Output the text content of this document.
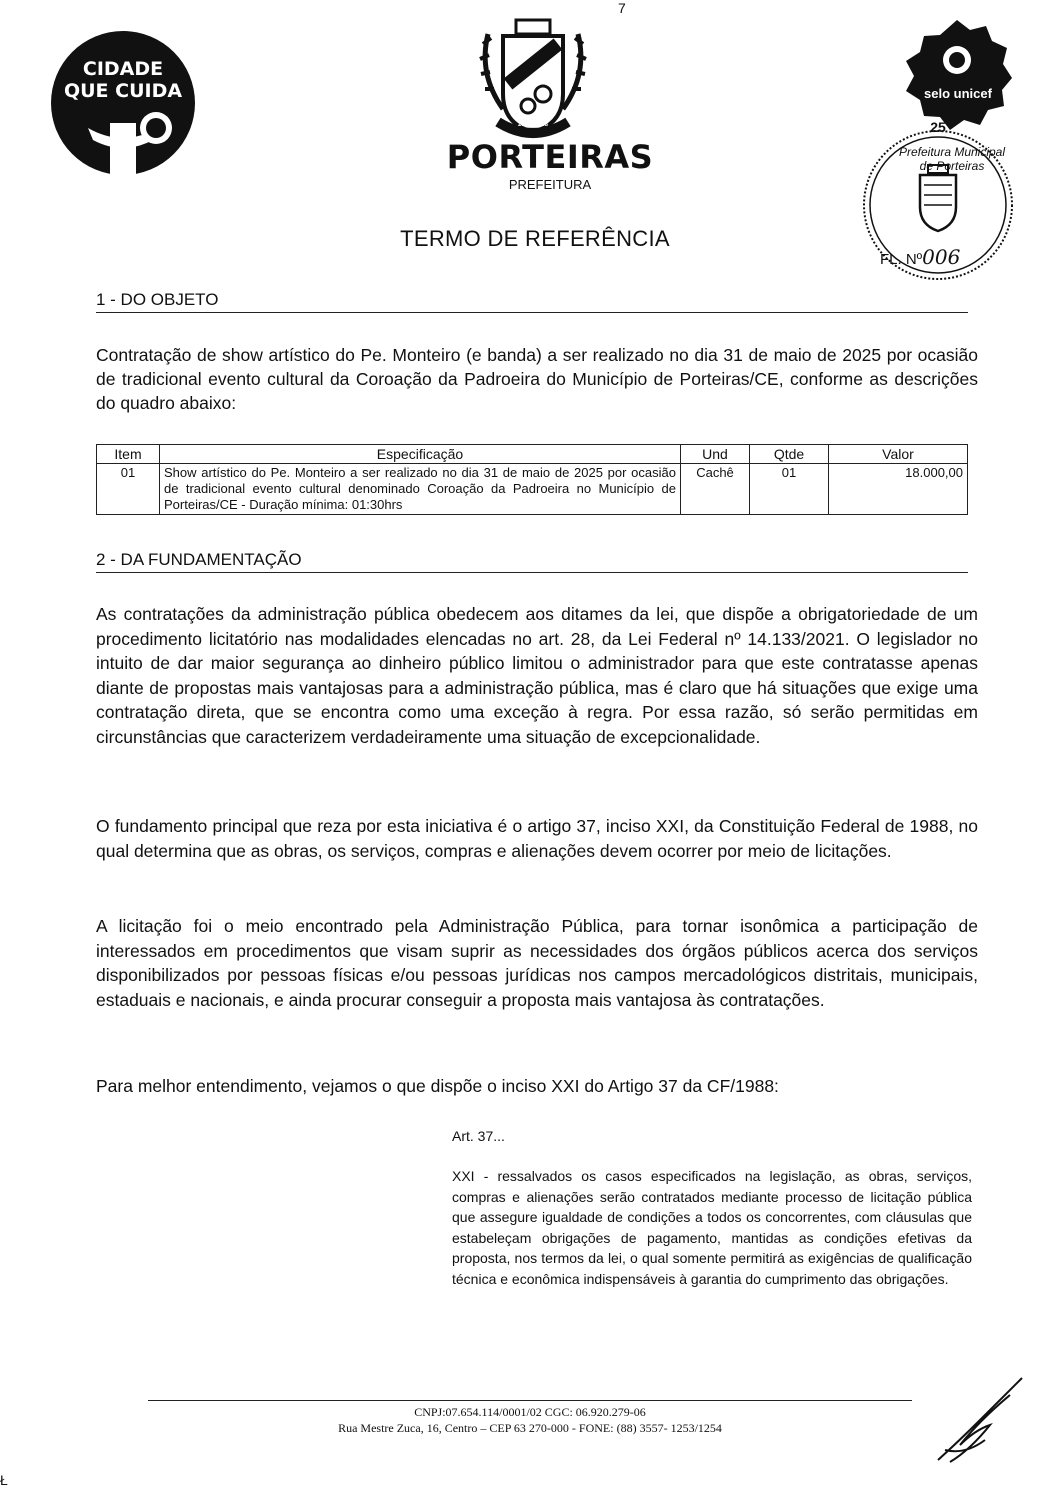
7
CIDADE
QUE CUIDA
25.03.1958
PORTEIRAS
PREFEITURA
selo unicef
Prefeitura Municipal de Porteiras
25
FL. Nº006
TERMO DE REFERÊNCIA
1 - DO OBJETO
Contratação de show artístico do Pe. Monteiro (e banda) a ser realizado no dia 31 de maio de 2025 por ocasião de tradicional evento cultural da Coroação da Padroeira do Município de Porteiras/CE, conforme as descrições do quadro abaixo:
Item	Especificação	Und	Qtde	Valor
01	Show artístico do Pe. Monteiro a ser realizado no dia 31 de maio de 2025 por ocasião de tradicional evento cultural denominado Coroação da Padroeira no Município de Porteiras/CE - Duração mínima: 01:30hrs	Cachê	01	18.000,00
2 - DA FUNDAMENTAÇÃO
As contratações da administração pública obedecem aos ditames da lei, que dispõe a obrigatoriedade de um procedimento licitatório nas modalidades elencadas no art. 28, da Lei Federal nº 14.133/2021. O legislador no intuito de dar maior segurança ao dinheiro público limitou o administrador para que este contratasse apenas diante de propostas mais vantajosas para a administração pública, mas é claro que há situações que exige uma contratação direta, que se encontra como uma exceção à regra. Por essa razão, só serão permitidas em circunstâncias que caracterizem verdadeiramente uma situação de excepcionalidade.
O fundamento principal que reza por esta iniciativa é o artigo 37, inciso XXI, da Constituição Federal de 1988, no qual determina que as obras, os serviços, compras e alienações devem ocorrer por meio de licitações.
A licitação foi o meio encontrado pela Administração Pública, para tornar isonômica a participação de interessados em procedimentos que visam suprir as necessidades dos órgãos públicos acerca dos serviços disponibilizados por pessoas físicas e/ou pessoas jurídicas nos campos mercadológicos distritais, municipais, estaduais e nacionais, e ainda procurar conseguir a proposta mais vantajosa às contratações.
Para melhor entendimento, vejamos o que dispõe o inciso XXI do Artigo 37 da CF/1988:
Art. 37...
XXI - ressalvados os casos especificados na legislação, as obras, serviços, compras e alienações serão contratados mediante processo de licitação pública que assegure igualdade de condições a todos os concorrentes, com cláusulas que estabeleçam obrigações de pagamento, mantidas as condições efetivas da proposta, nos termos da lei, o qual somente permitirá as exigências de qualificação técnica e econômica indispensáveis à garantia do cumprimento das obrigações.
CNPJ:07.654.114/0001/02 CGC: 06.920.279-06
Rua Mestre Zuca, 16, Centro – CEP 63 270-000 - FONE: (88) 3557- 1253/1254
Ł
